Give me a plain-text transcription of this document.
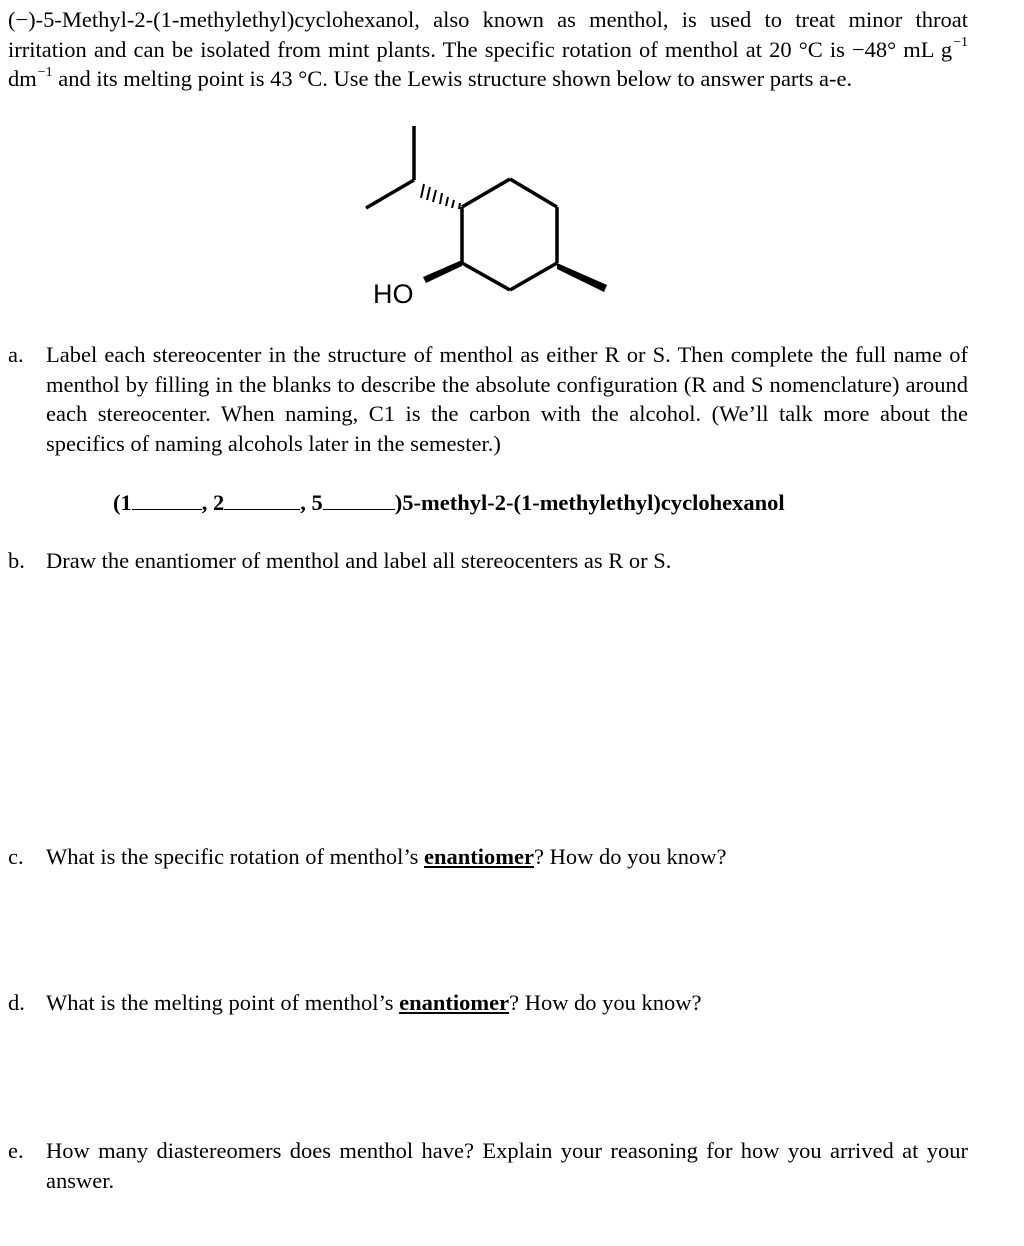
(−)-5-Methyl-2-(1-methylethyl)cyclohexanol, also known as menthol, is used to treat minor throat irritation and can be isolated from mint plants. The specific rotation of menthol at 20 °C is −48° mL $g^{-1}$ $dm^{-1}$ and its melting point is 43 °C. Use the Lewis structure shown below to answer parts a-e.

HO
a. Label each stereocenter in the structure of menthol as either R or S. Then complete the full name of menthol by filling in the blanks to describe the absolute configuration (R and S nomenclature) around each stereocenter. When naming, C1 is the carbon with the alcohol. (We’ll talk more about the specifics of naming alcohols later in the semester.)
(1	, 2	, 5	)5-methyl-2-(1-methylethyl)cyclohexanol
b. Draw the enantiomer of menthol and label all stereocenters as R or S.
c. What is the specific rotation of menthol’s enantiomer? How do you know?
d. What is the melting point of menthol’s enantiomer? How do you know?
e. How many diastereomers does menthol have? Explain your reasoning for how you arrived at your answer.
